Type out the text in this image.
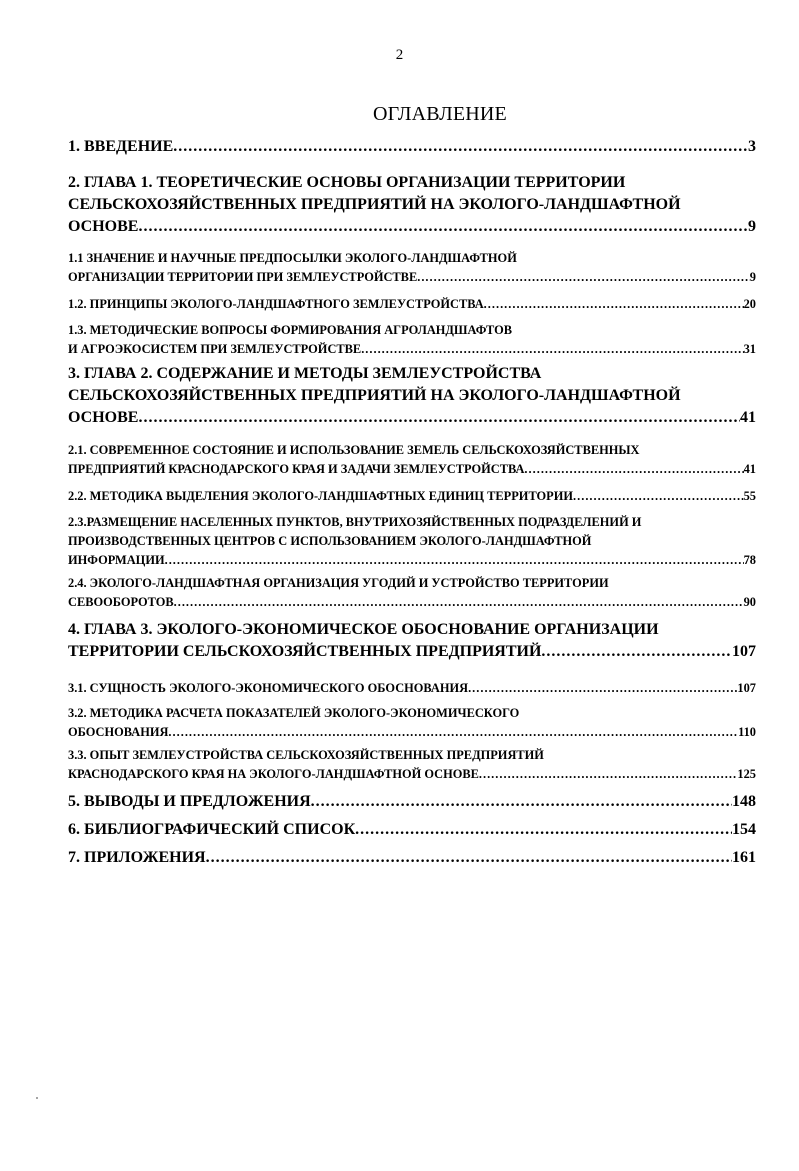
2
ОГЛАВЛЕНИЕ
1. ВВЕДЕНИЕ .....	3
2. ГЛАВА 1. ТЕОРЕТИЧЕСКИЕ ОСНОВЫ ОРГАНИЗАЦИИ ТЕРРИТОРИИ
СЕЛЬСКОХОЗЯЙСТВЕННЫХ ПРЕДПРИЯТИЙ НА ЭКОЛОГО-ЛАНДШАФТНОЙ
ОСНОВЕ .....	9
1.1 ЗНАЧЕНИЕ И НАУЧНЫЕ ПРЕДПОСЫЛКИ ЭКОЛОГО-ЛАНДШАФТНОЙ
ОРГАНИЗАЦИИ ТЕРРИТОРИИ ПРИ ЗЕМЛЕУСТРОЙСТВЕ .....	9
1.2. ПРИНЦИПЫ ЭКОЛОГО-ЛАНДШАФТНОГО ЗЕМЛЕУСТРОЙСТВА .....	20
1.3. МЕТОДИЧЕСКИЕ ВОПРОСЫ ФОРМИРОВАНИЯ АГРОЛАНДШАФТОВ
И АГРОЭКОСИСТЕМ ПРИ ЗЕМЛЕУСТРОЙСТВЕ .....	31
3. ГЛАВА 2. СОДЕРЖАНИЕ И МЕТОДЫ ЗЕМЛЕУСТРОЙСТВА
СЕЛЬСКОХОЗЯЙСТВЕННЫХ ПРЕДПРИЯТИЙ НА ЭКОЛОГО-ЛАНДШАФТНОЙ
ОСНОВЕ .....	41
2.1. СОВРЕМЕННОЕ СОСТОЯНИЕ И ИСПОЛЬЗОВАНИЕ ЗЕМЕЛЬ СЕЛЬСКОХОЗЯЙСТВЕННЫХ
ПРЕДПРИЯТИЙ КРАСНОДАРСКОГО КРАЯ И ЗАДАЧИ ЗЕМЛЕУСТРОЙСТВА .....	41
2.2. МЕТОДИКА ВЫДЕЛЕНИЯ ЭКОЛОГО-ЛАНДШАФТНЫХ ЕДИНИЦ ТЕРРИТОРИИ .....	55
2.3.РАЗМЕЩЕНИЕ НАСЕЛЕННЫХ ПУНКТОВ, ВНУТРИХОЗЯЙСТВЕННЫХ ПОДРАЗДЕЛЕНИЙ И
ПРОИЗВОДСТВЕННЫХ ЦЕНТРОВ С ИСПОЛЬЗОВАНИЕМ ЭКОЛОГО-ЛАНДШАФТНОЙ
ИНФОРМАЦИИ .....	78
2.4. ЭКОЛОГО-ЛАНДШАФТНАЯ ОРГАНИЗАЦИЯ УГОДИЙ И УСТРОЙСТВО ТЕРРИТОРИИ
СЕВООБОРОТОВ .....	90
4. ГЛАВА 3. ЭКОЛОГО-ЭКОНОМИЧЕСКОЕ ОБОСНОВАНИЕ ОРГАНИЗАЦИИ
ТЕРРИТОРИИ СЕЛЬСКОХОЗЯЙСТВЕННЫХ ПРЕДПРИЯТИЙ .....	107
3.1. СУЩНОСТЬ ЭКОЛОГО-ЭКОНОМИЧЕСКОГО ОБОСНОВАНИЯ .....	107
3.2. МЕТОДИКА РАСЧЕТА ПОКАЗАТЕЛЕЙ ЭКОЛОГО-ЭКОНОМИЧЕСКОГО
ОБОСНОВАНИЯ .....	110
3.3. ОПЫТ ЗЕМЛЕУСТРОЙСТВА СЕЛЬСКОХОЗЯЙСТВЕННЫХ ПРЕДПРИЯТИЙ
КРАСНОДАРСКОГО КРАЯ НА ЭКОЛОГО-ЛАНДШАФТНОЙ ОСНОВЕ .....	125
5. ВЫВОДЫ И ПРЕДЛОЖЕНИЯ .....	148
6. БИБЛИОГРАФИЧЕСКИЙ СПИСОК .....	154
7. ПРИЛОЖЕНИЯ .....	161
